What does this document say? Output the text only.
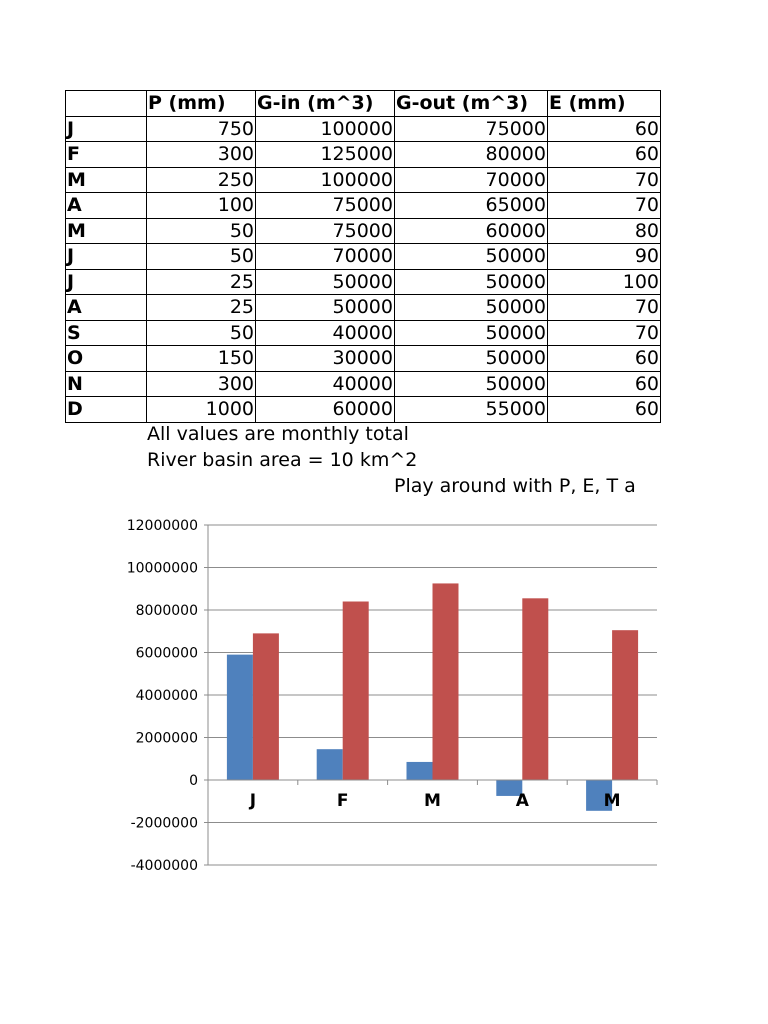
	P (mm)	G-in (m^3)	G-out (m^3)	E (mm)
J	750	100000	75000	60
F	300	125000	80000	60
M	250	100000	70000	70
A	100	75000	65000	70
M	50	75000	60000	80
J	50	70000	50000	90
J	25	50000	50000	100
A	25	50000	50000	70
S	50	40000	50000	70
O	150	30000	50000	60
N	300	40000	50000	60
D	1000	60000	55000	60
All values are monthly total
River basin area = 10 km^2
Play around with P, E, T a
12000000
10000000
8000000
6000000
4000000
2000000
0
-2000000
-4000000
J	F	M	A	M
